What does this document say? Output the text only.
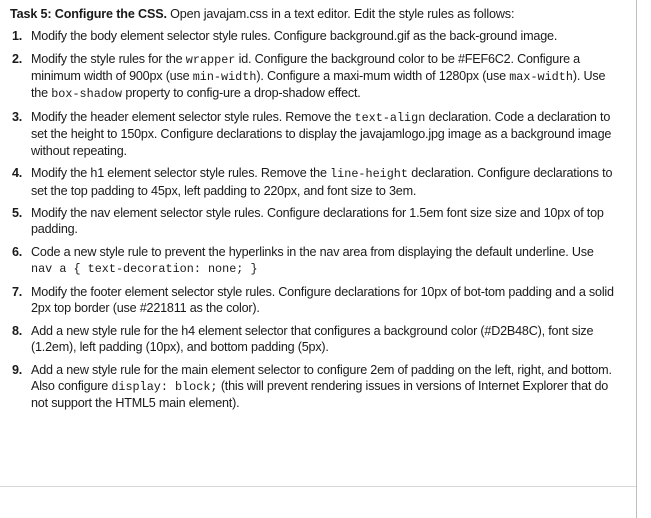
Task 5: Configure the CSS. Open javajam.css in a text editor. Edit the style rules as follows:

1. Modify the body element selector style rules. Configure background.gif as the back-ground image.
2. Modify the style rules for the wrapper id. Configure the background color to be #FEF6C2. Configure a minimum width of 900px (use min-width). Configure a maxi-mum width of 1280px (use max-width). Use the box-shadow property to config-ure a drop-shadow effect.
3. Modify the header element selector style rules. Remove the text-align declaration. Code a declaration to set the height to 150px. Configure declarations to display the javajamlogo.jpg image as a background image without repeating.
4. Modify the h1 element selector style rules. Remove the line-height declaration. Configure declarations to set the top padding to 45px, left padding to 220px, and font size to 3em.
5. Modify the nav element selector style rules. Configure declarations for 1.5em font size size and 10px of top padding.
6. Code a new style rule to prevent the hyperlinks in the nav area from displaying the default underline. Use nav a { text-decoration: none; }
7. Modify the footer element selector style rules. Configure declarations for 10px of bot-tom padding and a solid 2px top border (use #221811 as the color).
8. Add a new style rule for the h4 element selector that configures a background color (#D2B48C), font size (1.2em), left padding (10px), and bottom padding (5px).
9. Add a new style rule for the main element selector to configure 2em of padding on the left, right, and bottom. Also configure display: block; (this will prevent rendering issues in versions of Internet Explorer that do not support the HTML5 main element).
